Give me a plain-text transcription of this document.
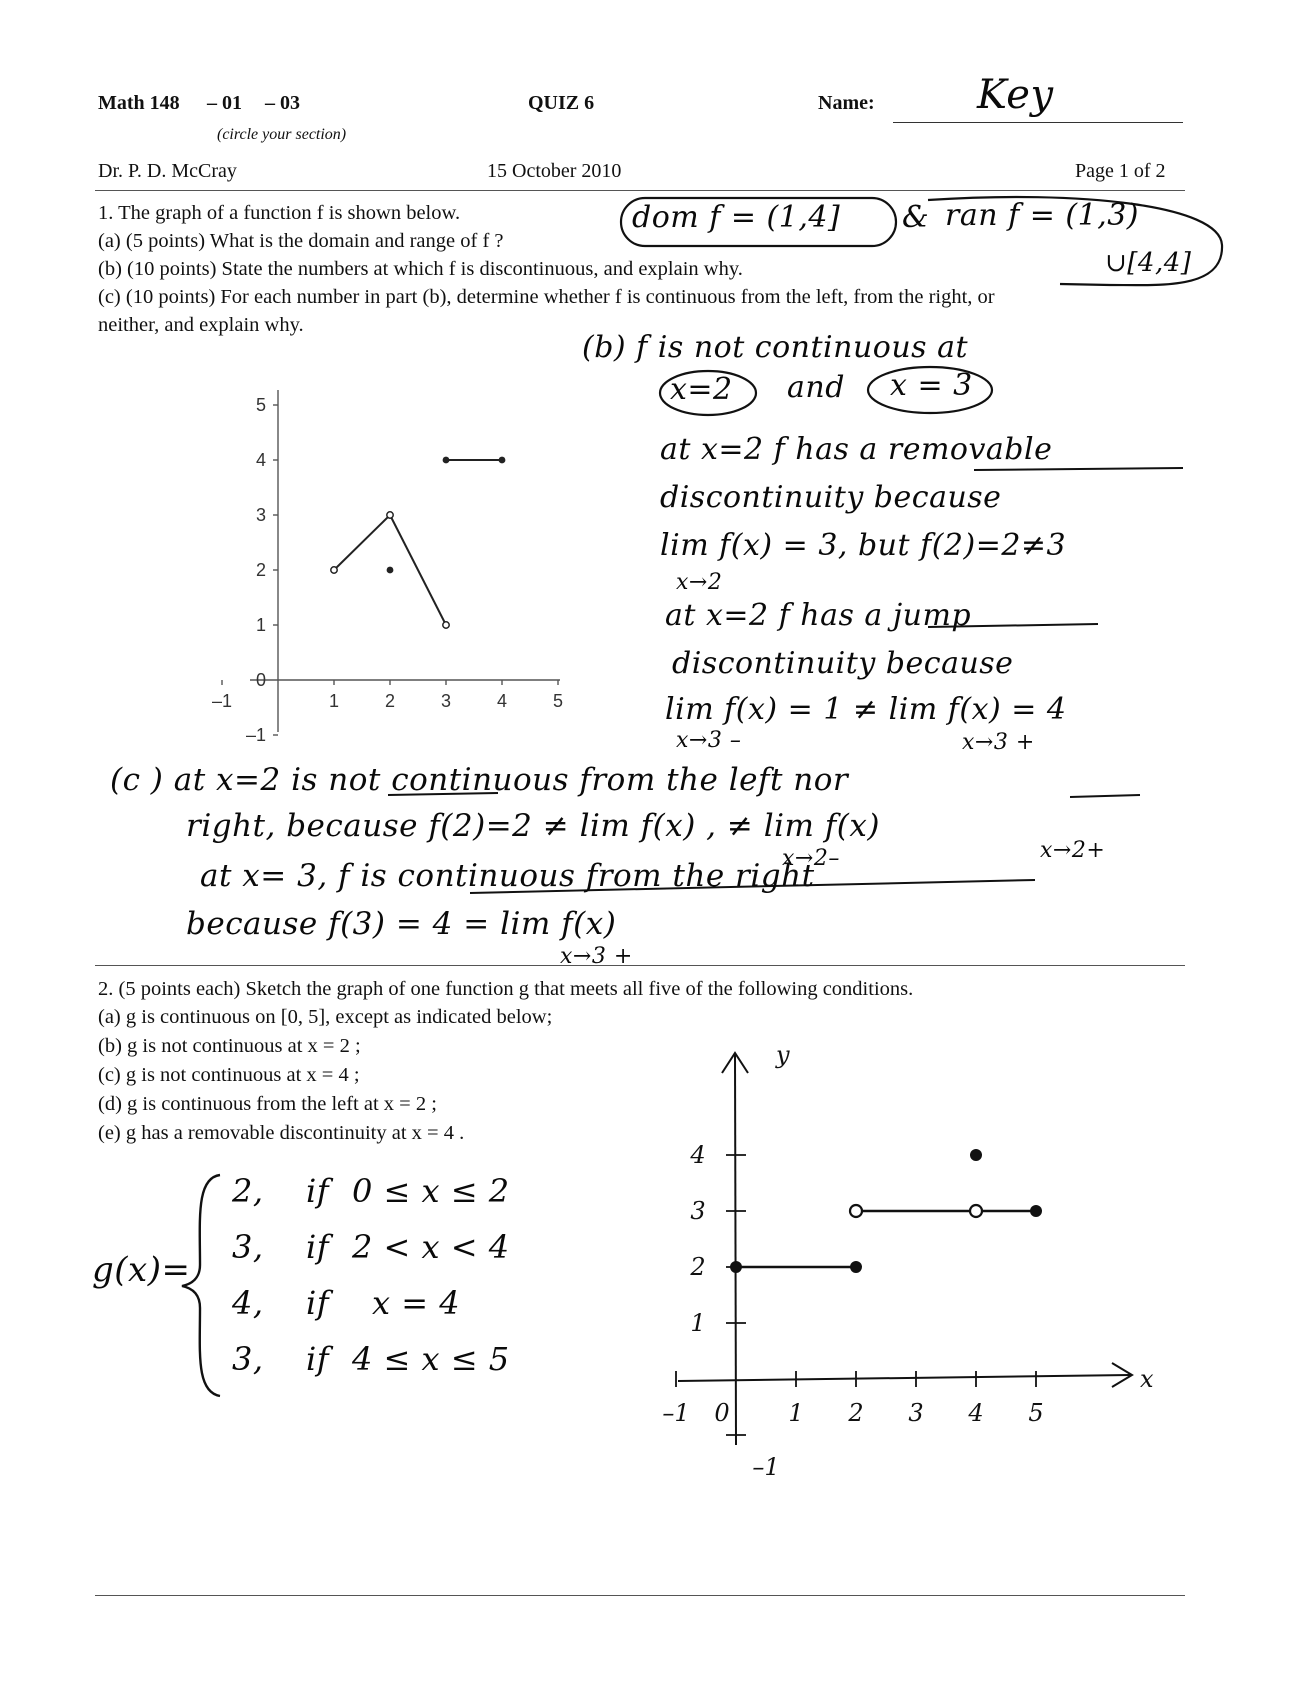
Math 148 – 01 – 03
(circle your section)
QUIZ 6	Name:	Key
Dr. P. D. McCray	15 October 2010	Page 1 of 2
1. The graph of a function f is shown below.
(a) (5 points) What is the domain and range of f ?
(b) (10 points) State the numbers at which f is discontinuous, and explain why.
(c) (10 points) For each number in part (b), determine whether f is continuous from the left, from the right, or
neither, and explain why.
dom f = (1,4] & ran f = (1,3)
∪[4,4]
(b) f is not continuous at
x=2 and x = 3
at x=2 f has a removable
discontinuity because
lim f(x) = 3, but f(2)=2≠3
x→2
at x=2 f has a jump
discontinuity because
lim f(x) = 1 ≠ lim f(x) = 4
x→3 –	x→3 +
(c ) at x=2 is not continuous from the left nor
right, because f(2)=2 ≠ lim f(x) , ≠ lim f(x)
x→2–	x→2+
at x= 3, f is continuous from the right
because f(3) = 4 = lim f(x)
x→3 +
5
4
3
2
1
0
–1
–1	1	2	3	4	5
2. (5 points each) Sketch the graph of one function g that meets all five of the following conditions.
(a) g is continuous on [0, 5], except as indicated below;
(b) g is not continuous at x = 2 ;
(c) g is not continuous at x = 4 ;
(d) g is continuous from the left at x = 2 ;
(e) g has a removable discontinuity at x = 4 .
g(x)=
2, if 0 ≤ x ≤ 2
3, if 2 < x < 4
4, if x = 4
3, if 4 ≤ x ≤ 5
y
x
–1 0 1 2 3 4 5
4
3
2
1
–1
